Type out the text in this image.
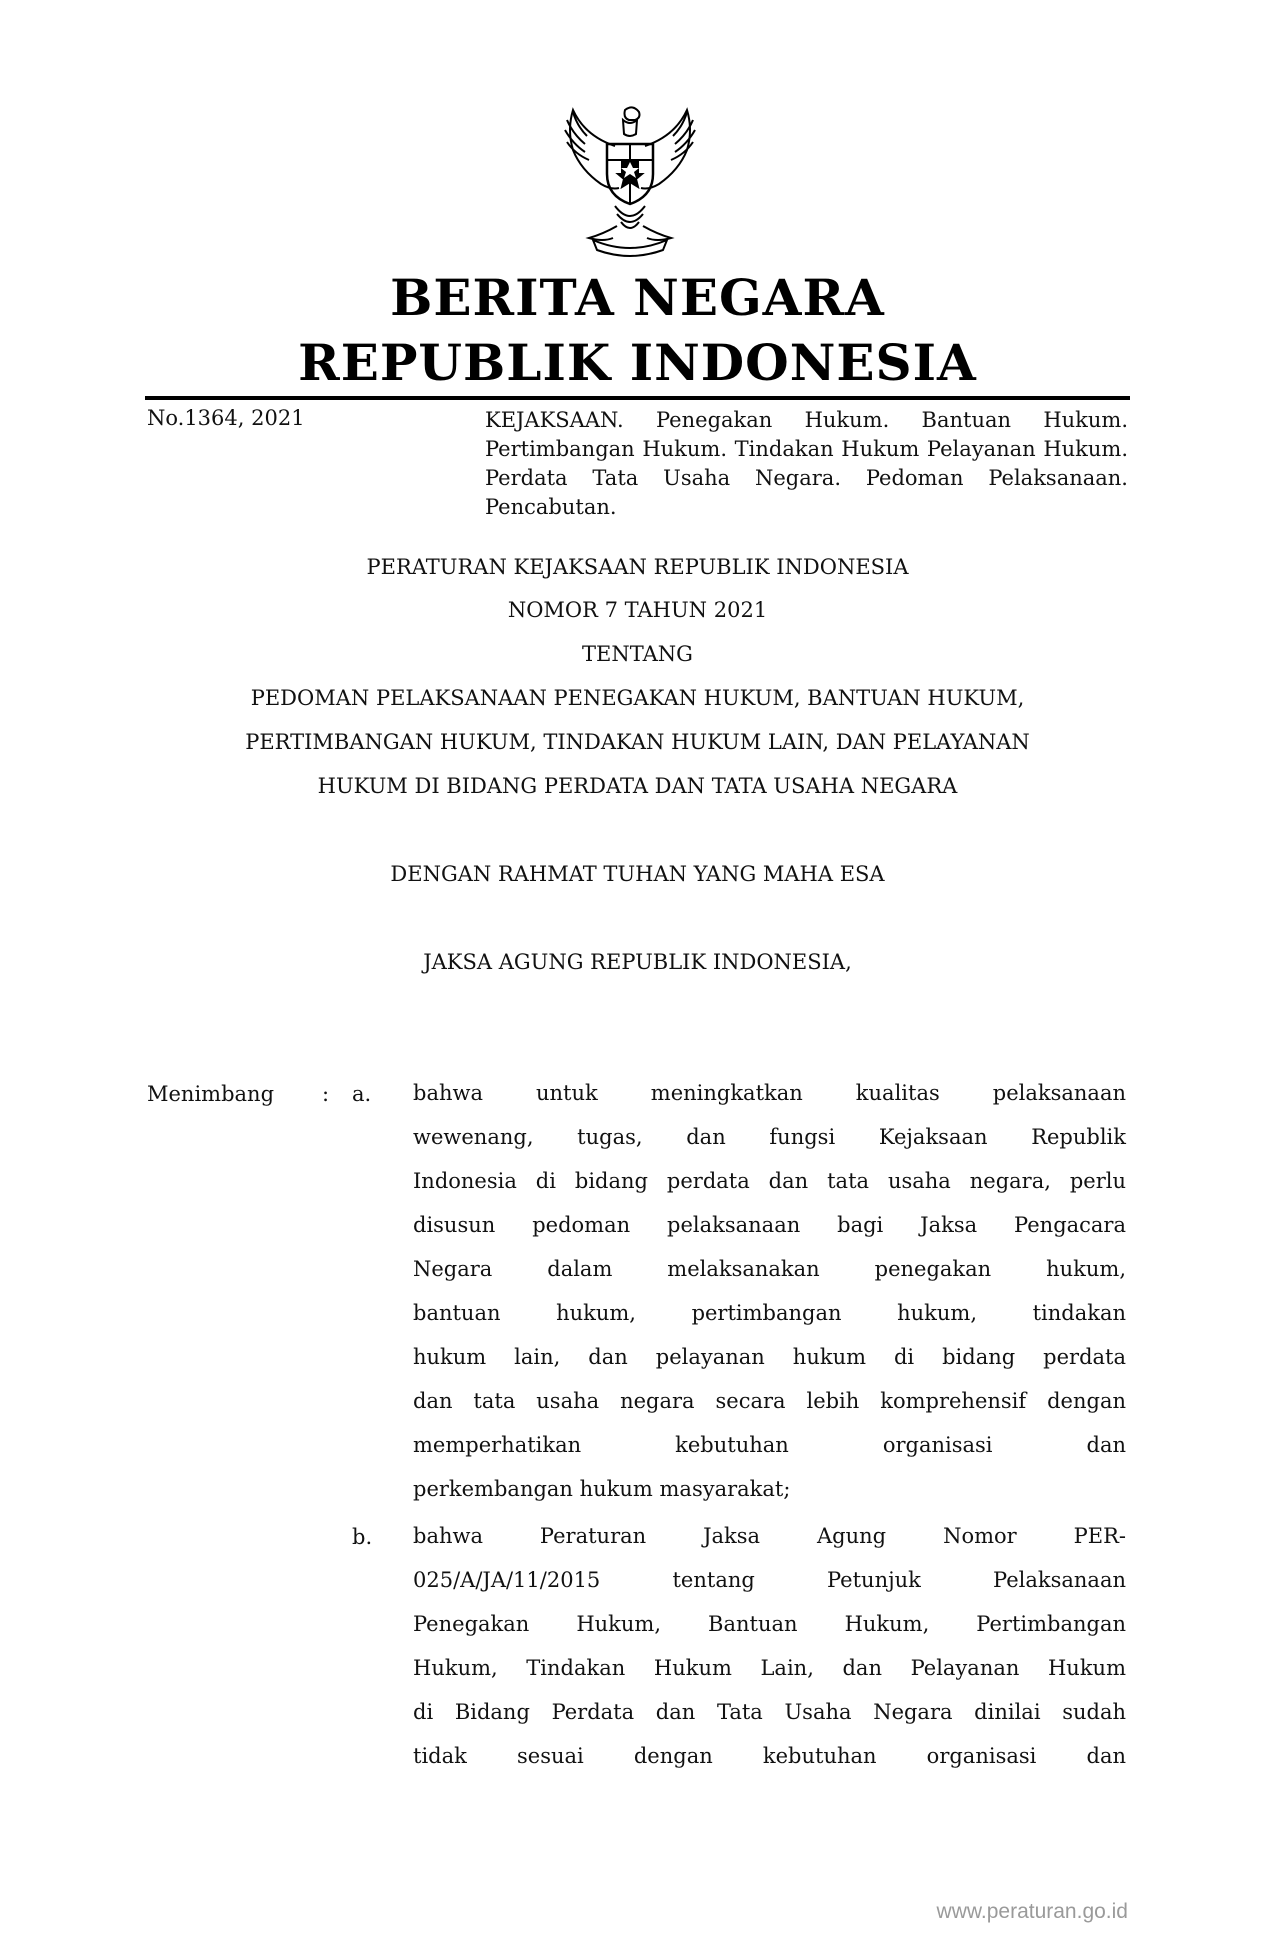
BERITA NEGARA
REPUBLIK INDONESIA
No.1364, 2021	KEJAKSAAN. Penegakan Hukum. Bantuan Hukum. Pertimbangan Hukum. Tindakan Hukum Pelayanan Hukum. Perdata Tata Usaha Negara. Pedoman Pelaksanaan. Pencabutan.
PERATURAN KEJAKSAAN REPUBLIK INDONESIA
NOMOR 7 TAHUN 2021
TENTANG
PEDOMAN PELAKSANAAN PENEGAKAN HUKUM, BANTUAN HUKUM,
PERTIMBANGAN HUKUM, TINDAKAN HUKUM LAIN, DAN PELAYANAN
HUKUM DI BIDANG PERDATA DAN TATA USAHA NEGARA
DENGAN RAHMAT TUHAN YANG MAHA ESA
JAKSA AGUNG REPUBLIK INDONESIA,
Menimbang : a. bahwa untuk meningkatkan kualitas pelaksanaan
wewenang, tugas, dan fungsi Kejaksaan Republik
Indonesia di bidang perdata dan tata usaha negara, perlu
disusun pedoman pelaksanaan bagi Jaksa Pengacara
Negara dalam melaksanakan penegakan hukum,
bantuan hukum, pertimbangan hukum, tindakan
hukum lain, dan pelayanan hukum di bidang perdata
dan tata usaha negara secara lebih komprehensif dengan
memperhatikan kebutuhan organisasi dan
perkembangan hukum masyarakat;
b. bahwa Peraturan Jaksa Agung Nomor PER-
025/A/JA/11/2015 tentang Petunjuk Pelaksanaan
Penegakan Hukum, Bantuan Hukum, Pertimbangan
Hukum, Tindakan Hukum Lain, dan Pelayanan Hukum
di Bidang Perdata dan Tata Usaha Negara dinilai sudah
tidak sesuai dengan kebutuhan organisasi dan
www.peraturan.go.id
